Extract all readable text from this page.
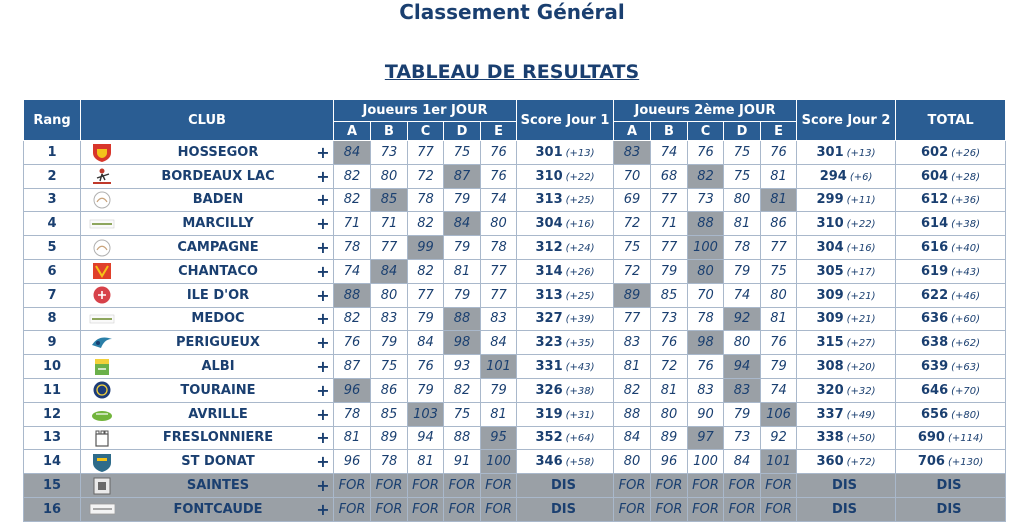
Classement Général
TABLEAU DE RESULTATS
Rang	CLUB	Joueurs 1er JOUR					Score Jour 1	Joueurs 2ème JOUR					Score Jour 2	TOTAL
		A	B	C	D	E		A	B	C	D	E		
1	HOSSEGOR +	84	73	77	75	76	301 (+13)	83	74	76	75	76	301 (+13)	602 (+26)
2	BORDEAUX LAC +	82	80	72	87	76	310 (+22)	70	68	82	75	81	294 (+6)	604 (+28)
3	BADEN +	82	85	78	79	74	313 (+25)	69	77	73	80	81	299 (+11)	612 (+36)
4	MARCILLY +	71	71	82	84	80	304 (+16)	72	71	88	81	86	310 (+22)	614 (+38)
5	CAMPAGNE +	78	77	99	79	78	312 (+24)	75	77	100	78	77	304 (+16)	616 (+40)
6	CHANTACO +	74	84	82	81	77	314 (+26)	72	79	80	79	75	305 (+17)	619 (+43)
7	ILE D'OR +	88	80	77	79	77	313 (+25)	89	85	70	74	80	309 (+21)	622 (+46)
8	MEDOC +	82	83	79	88	83	327 (+39)	77	73	78	92	81	309 (+21)	636 (+60)
9	PERIGUEUX +	76	79	84	98	84	323 (+35)	83	76	98	80	76	315 (+27)	638 (+62)
10	ALBI +	87	75	76	93	101	331 (+43)	81	72	76	94	79	308 (+20)	639 (+63)
11	TOURAINE +	96	86	79	82	79	326 (+38)	82	81	83	83	74	320 (+32)	646 (+70)
12	AVRILLE +	78	85	103	75	81	319 (+31)	88	80	90	79	106	337 (+49)	656 (+80)
13	FRESLONNIERE +	81	89	94	88	95	352 (+64)	84	89	97	73	92	338 (+50)	690 (+114)
14	ST DONAT +	96	78	81	91	100	346 (+58)	80	96	100	84	101	360 (+72)	706 (+130)
15	SAINTES +	FOR	FOR	FOR	FOR	FOR	DIS	FOR	FOR	FOR	FOR	FOR	DIS	DIS
16	FONTCAUDE +	FOR	FOR	FOR	FOR	FOR	DIS	FOR	FOR	FOR	FOR	FOR	DIS	DIS
